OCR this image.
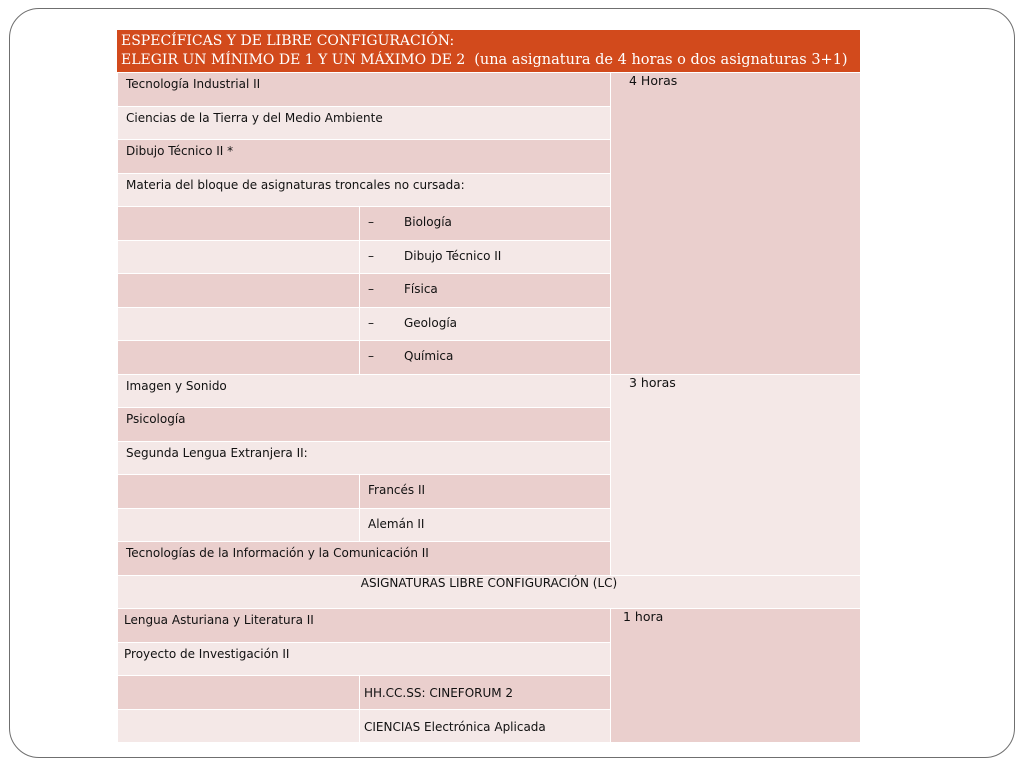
ESPECÍFICAS Y DE LIBRE CONFIGURACIÓN:
ELEGIR UN MÍNIMO DE 1 Y UN MÁXIMO DE 2 (una asignatura de 4 horas o dos asignaturas 3+1)
Tecnología Industrial II		4 Horas

Ciencias de la Tierra y del Medio Ambiente		

Dibujo Técnico II *		

Materia del bloque de asignaturas troncales no cursada:		

	– Biología	

	– Dibujo Técnico II	

	– Física	

	– Geología	

	– Química	

Imagen y Sonido		3 horas

Psicología		

Segunda Lengua Extranjera II:		

	Francés II	

	Alemán II	

Tecnologías de la Información y la Comunicación II		

ASIGNATURAS LIBRE CONFIGURACIÓN (LC)		

Lengua Asturiana y Literatura II		1 hora

Proyecto de Investigación II		

	HH.CC.SS: CINEFORUM 2	

	CIENCIAS Electrónica Aplicada	
